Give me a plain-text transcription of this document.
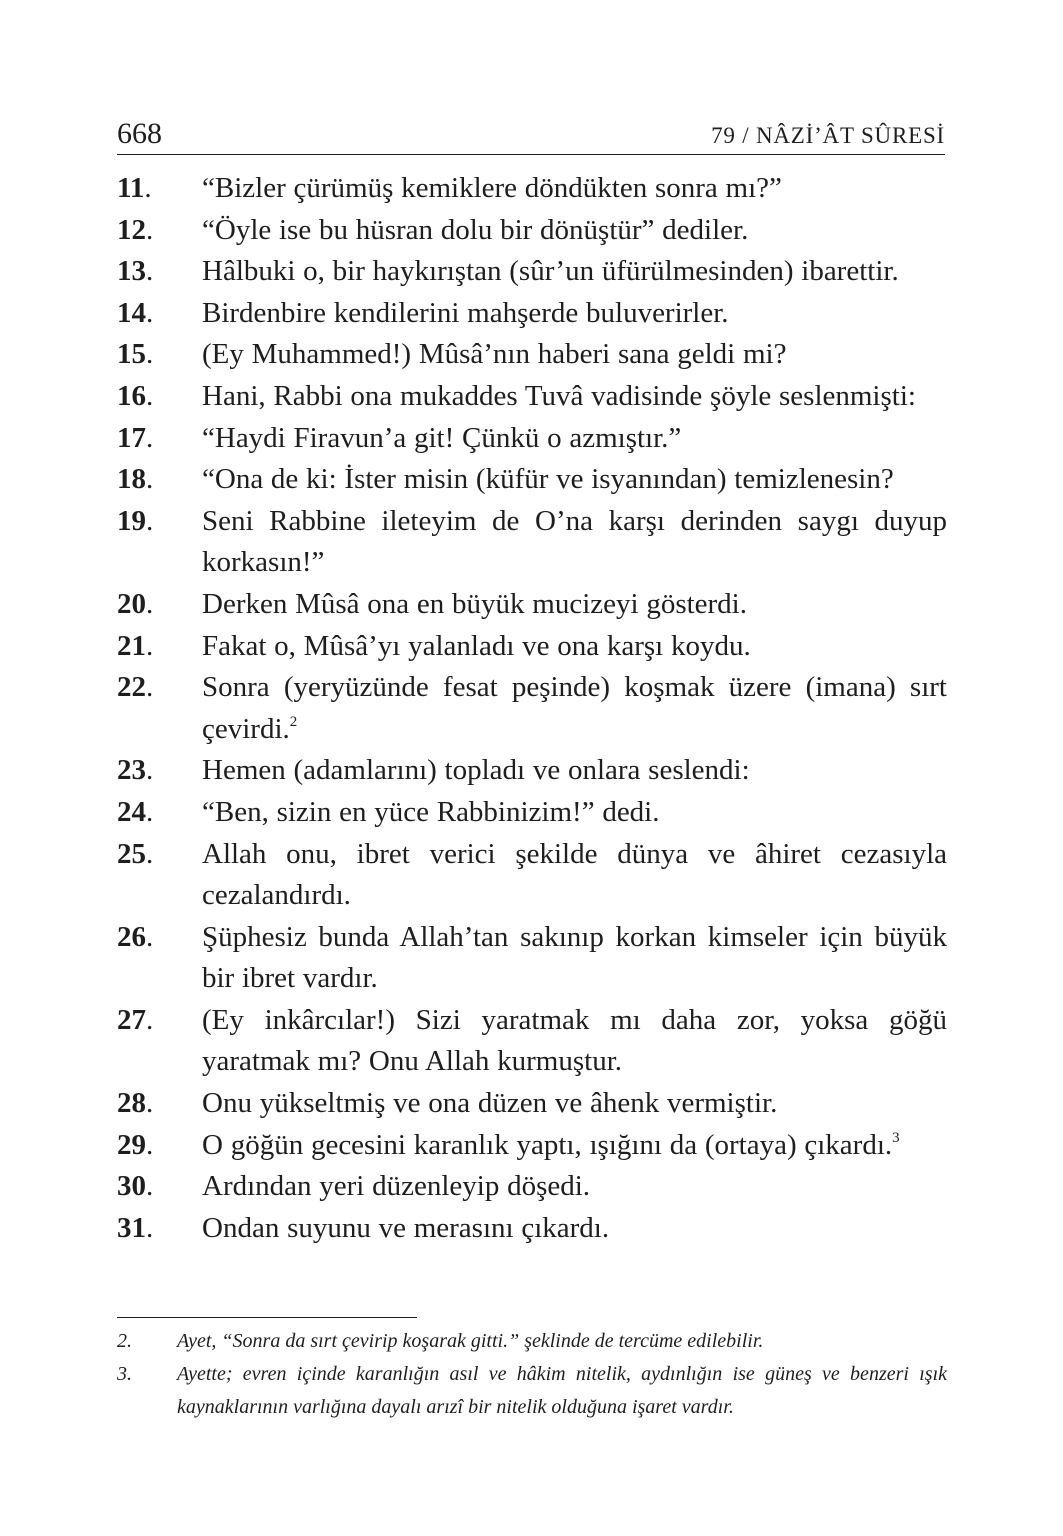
668	79 / NÂZİ’ÂT SÛRESİ
11.	“Bizler çürümüş kemiklere döndükten sonra mı?”
12.	“Öyle ise bu hüsran dolu bir dönüştür” dediler.
13.	Hâlbuki o, bir haykırıştan (sûr’un üfürülmesinden) ibarettir.
14.	Birdenbire kendilerini mahşerde buluverirler.
15.	(Ey Muhammed!) Mûsâ’nın haberi sana geldi mi?
16.	Hani, Rabbi ona mukaddes Tuvâ vadisinde şöyle seslenmişti:
17.	“Haydi Firavun’a git! Çünkü o azmıştır.”
18.	“Ona de ki: İster misin (küfür ve isyanından) temizlenesin?
19.	Seni Rabbine ileteyim de O’na karşı derinden saygı duyup korkasın!”
20.	Derken Mûsâ ona en büyük mucizeyi gösterdi.
21.	Fakat o, Mûsâ’yı yalanladı ve ona karşı koydu.
22.	Sonra (yeryüzünde fesat peşinde) koşmak üzere (imana) sırt çevirdi.$^2$
23.	Hemen (adamlarını) topladı ve onlara seslendi:
24.	“Ben, sizin en yüce Rabbinizim!” dedi.
25.	Allah onu, ibret verici şekilde dünya ve âhiret cezasıyla cezalandırdı.
26.	Şüphesiz bunda Allah’tan sakınıp korkan kimseler için büyük bir ibret vardır.
27.	(Ey inkârcılar!) Sizi yaratmak mı daha zor, yoksa göğü yaratmak mı? Onu Allah kurmuştur.
28.	Onu yükseltmiş ve ona düzen ve âhenk vermiştir.
29.	O göğün gecesini karanlık yaptı, ışığını da (ortaya) çıkardı.$^3$
30.	Ardından yeri düzenleyip döşedi.
31.	Ondan suyunu ve merasını çıkardı.
2.	Ayet, “Sonra da sırt çevirip koşarak gitti.” şeklinde de tercüme edilebilir.
3.	Ayette; evren içinde karanlığın asıl ve hâkim nitelik, aydınlığın ise güneş ve benzeri ışık kaynaklarının varlığına dayalı arızî bir nitelik olduğuna işaret vardır.
